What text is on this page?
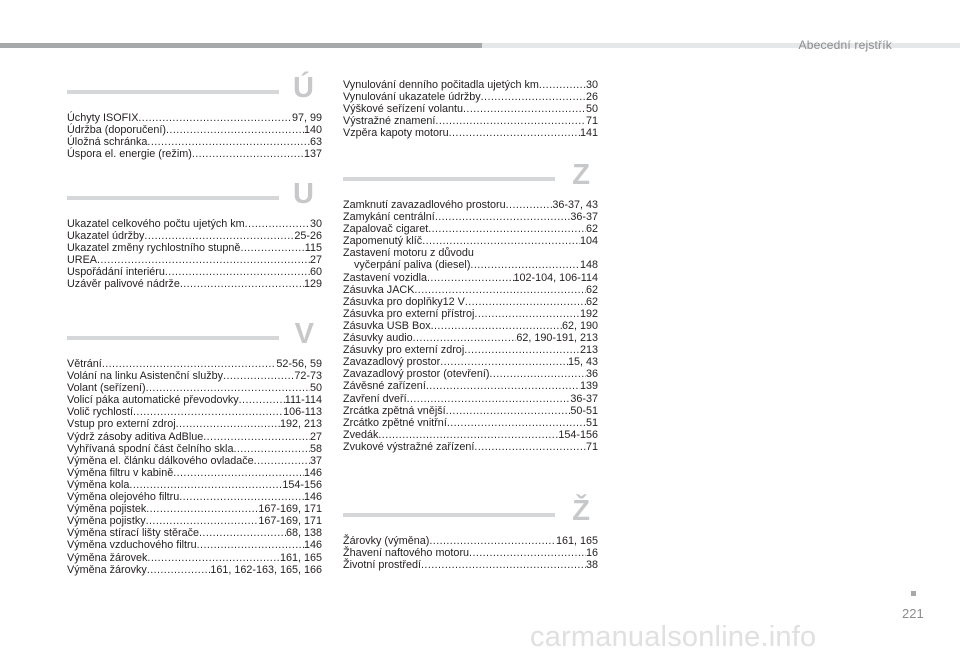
Abecední rejstřík
Ú
Úchyty ISOFIX .....	97, 99
Údržba (doporučení) .....	140
Úložná schránka .....	63
Úspora el. energie (režim) .....	137
U
Ukazatel celkového počtu ujetých km .....	30
Ukazatel údržby .....	25-26
Ukazatel změny rychlostního stupně .....	115
UREA .....	27
Uspořádání interiéru .....	60
Uzávěr palivové nádrže .....	129
V
Větrání .....	52-56, 59
Volání na linku Asistenční služby .....	72-73
Volant (seřízení) .....	50
Volicí páka automatické převodovky .....	111-114
Volič rychlostí .....	106-113
Vstup pro externí zdroj .....	192, 213
Výdrž zásoby aditiva AdBlue .....	27
Vyhřívaná spodní část čelního skla .....	58
Výměna el. článku dálkového ovladače .....	37
Výměna filtru v kabině .....	146
Výměna kola .....	154-156
Výměna olejového filtru .....	146
Výměna pojistek .....	167-169, 171
Výměna pojistky .....	167-169, 171
Výměna stírací lišty stěrače .....	68, 138
Výměna vzduchového filtru .....	146
Výměna žárovek .....	161, 165
Výměna žárovky .....	161, 162-163, 165, 166
Vynulování denního počitadla ujetých km .....	30
Vynulování ukazatele údržby .....	26
Výškové seřízení volantu .....	50
Výstražné znamení .....	71
Vzpěra kapoty motoru .....	141
Z
Zamknutí zavazadlového prostoru .....	36-37, 43
Zamykání centrální .....	36-37
Zapalovač cigaret .....	62
Zapomenutý klíč .....	104
Zastavení motoru z důvodu
vyčerpání paliva (diesel) .....	148
Zastavení vozidla .....	102-104, 106-114
Zásuvka JACK .....	62
Zásuvka pro doplňky12 V .....	62
Zásuvka pro externí přístroj .....	192
Zásuvka USB Box .....	62, 190
Zásuvky audio .....	62, 190-191, 213
Zásuvky pro externí zdroj .....	213
Zavazadlový prostor .....	15, 43
Zavazadlový prostor (otevření) .....	36
Závěsné zařízení .....	139
Zavření dveří .....	36-37
Zrcátka zpětná vnější .....	50-51
Zrcátko zpětné vnitřní .....	51
Zvedák .....	154-156
Zvukové výstražné zařízení .....	71
Ž
Žárovky (výměna) .....	161, 165
Žhavení naftového motoru .....	16
Životní prostředí .....	38
221
carmanualsonline.info
